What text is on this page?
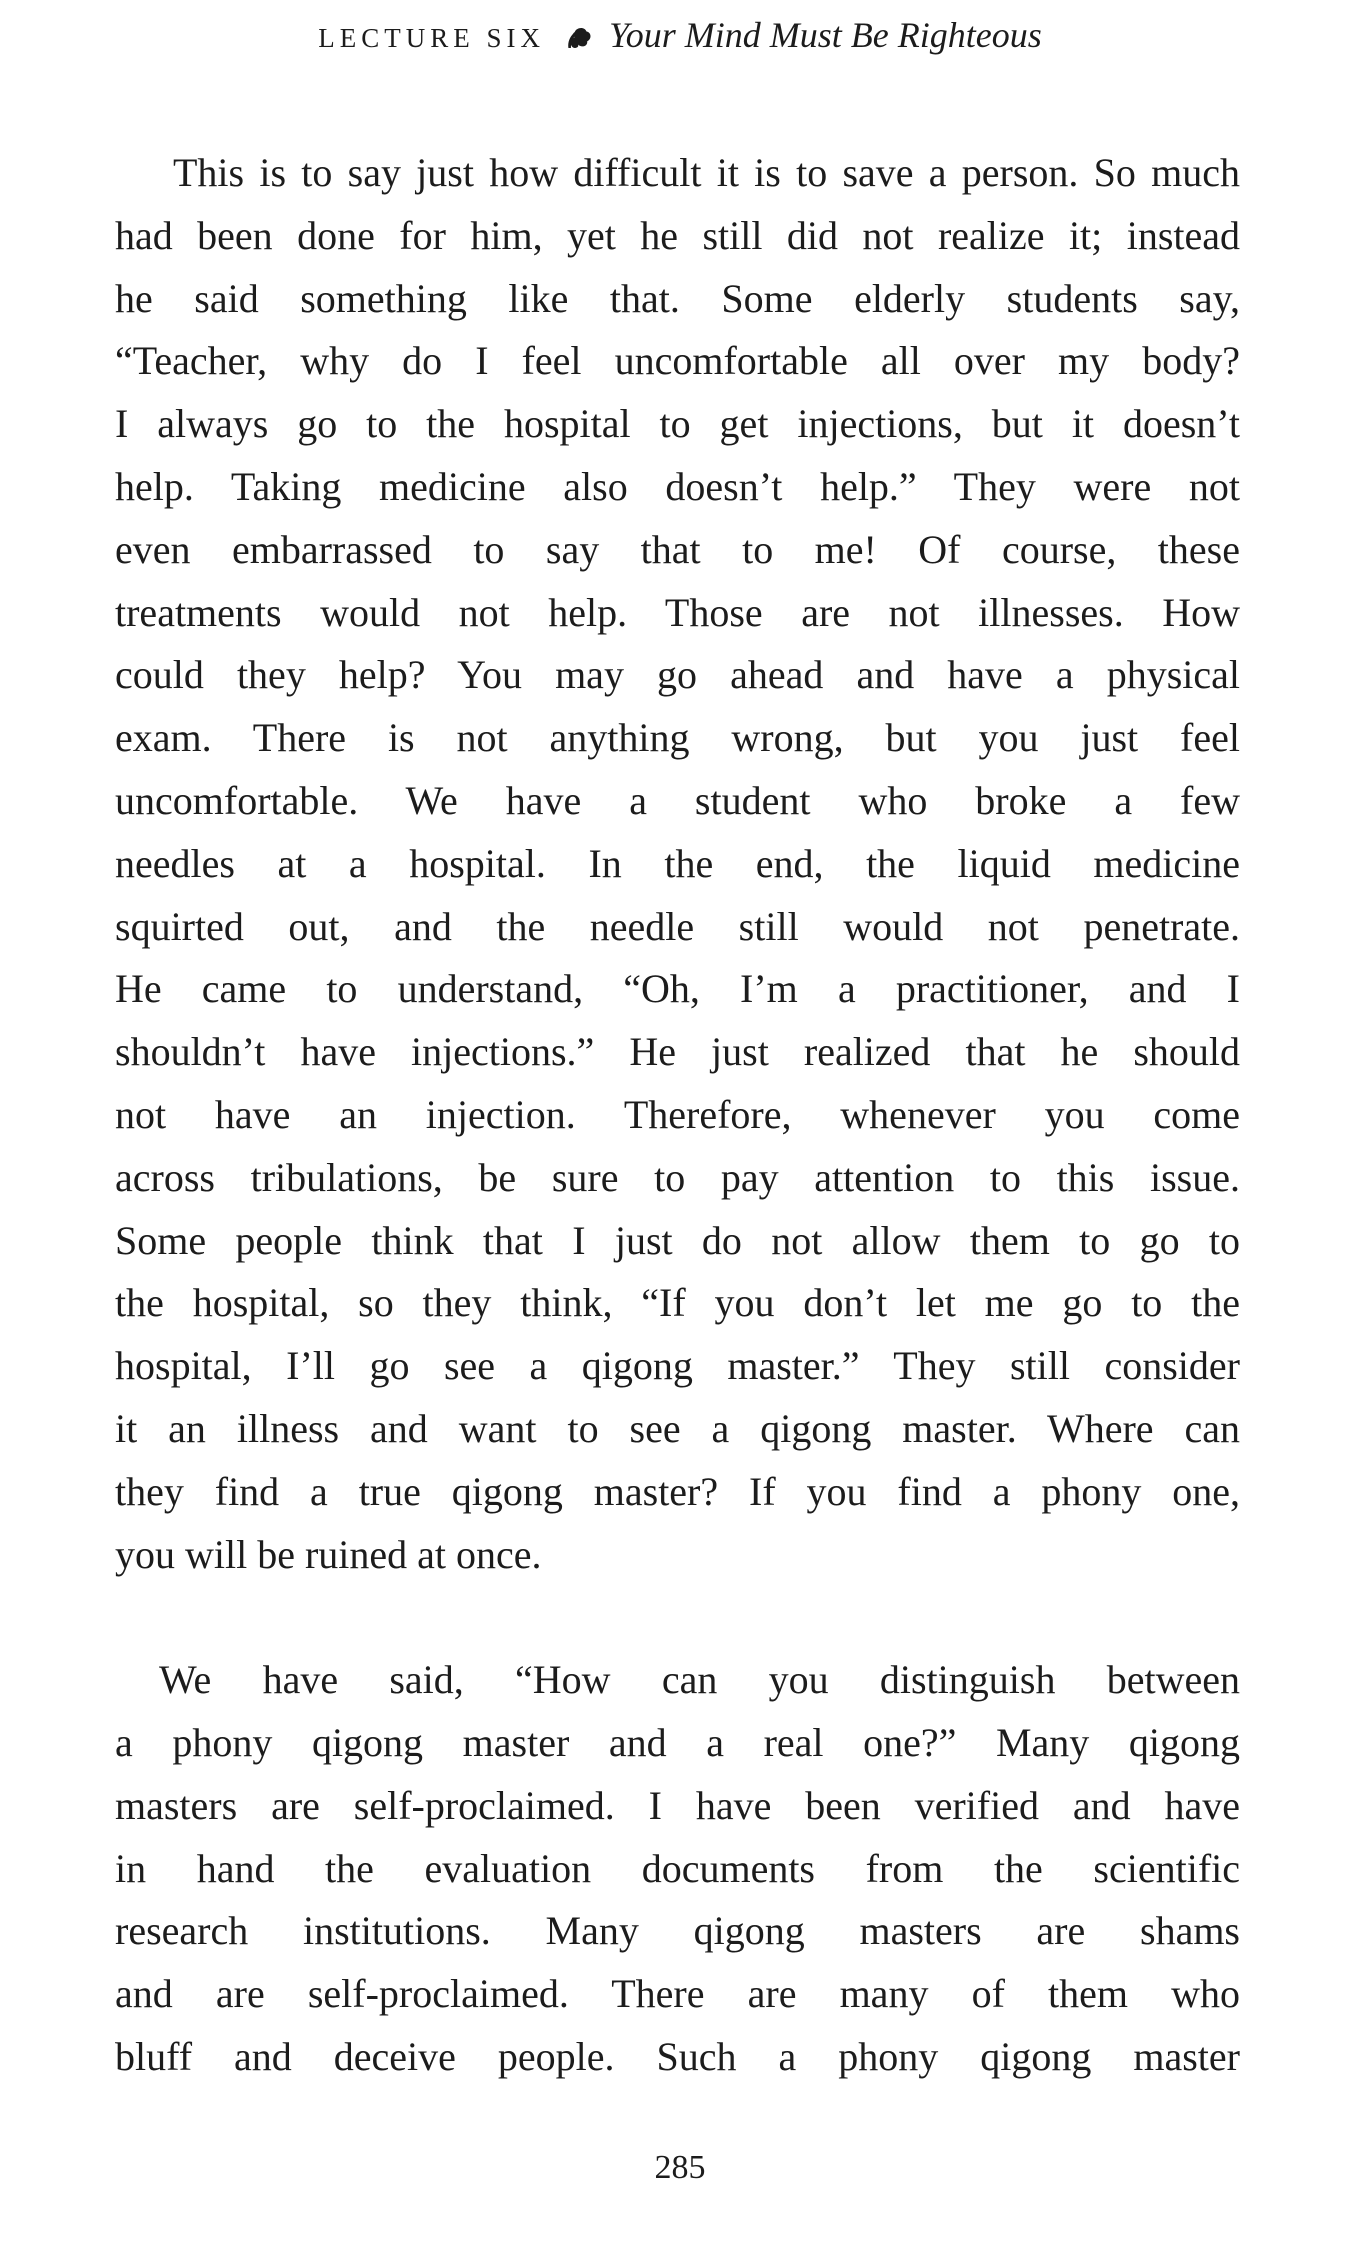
LECTURE SIX Your Mind Must Be Righteous
This is to say just how difficult it is to save a person. So much
had been done for him, yet he still did not realize it; instead
he said something like that. Some elderly students say,
“Teacher, why do I feel uncomfortable all over my body?
I always go to the hospital to get injections, but it doesn’t
help. Taking medicine also doesn’t help.” They were not
even embarrassed to say that to me! Of course, these
treatments would not help. Those are not illnesses. How
could they help? You may go ahead and have a physical
exam. There is not anything wrong, but you just feel
uncomfortable. We have a student who broke a few
needles at a hospital. In the end, the liquid medicine
squirted out, and the needle still would not penetrate.
He came to understand, “Oh, I’m a practitioner, and I
shouldn’t have injections.” He just realized that he should
not have an injection. Therefore, whenever you come
across tribulations, be sure to pay attention to this issue.
Some people think that I just do not allow them to go to
the hospital, so they think, “If you don’t let me go to the
hospital, I’ll go see a qigong master.” They still consider
it an illness and want to see a qigong master. Where can
they find a true qigong master? If you find a phony one,
you will be ruined at once.
We have said, “How can you distinguish between
a phony qigong master and a real one?” Many qigong
masters are self-proclaimed. I have been verified and have
in hand the evaluation documents from the scientific
research institutions. Many qigong masters are shams
and are self-proclaimed. There are many of them who
bluff and deceive people. Such a phony qigong master
285
